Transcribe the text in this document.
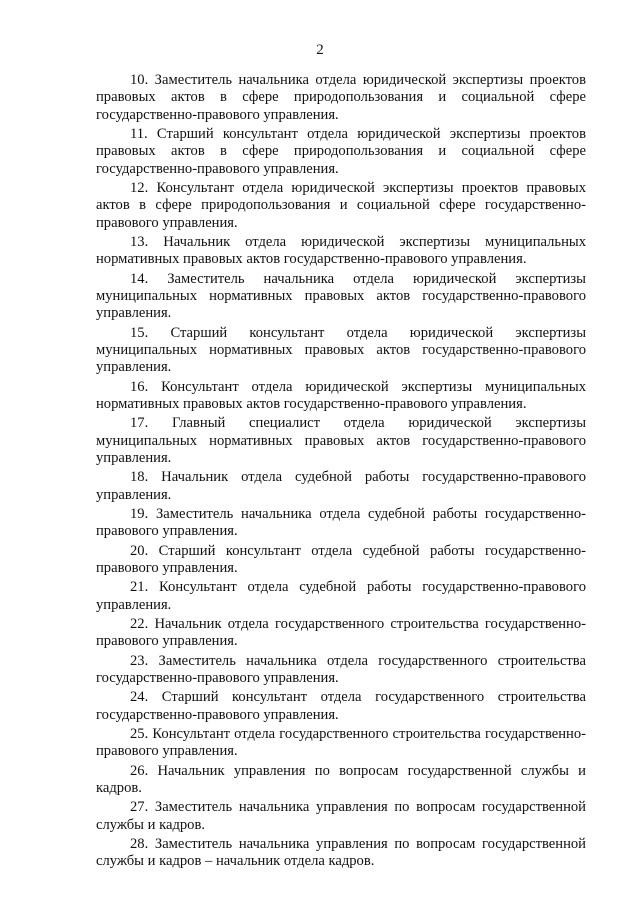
2

10. Заместитель начальника отдела юридической экспертизы проектов правовых актов в сфере природопользования и социальной сфере государственно-правового управления.

11. Старший консультант отдела юридической экспертизы проектов правовых актов в сфере природопользования и социальной сфере государственно-правового управления.

12. Консультант отдела юридической экспертизы проектов правовых актов в сфере природопользования и социальной сфере государственно-правового управления.

13. Начальник отдела юридической экспертизы муниципальных нормативных правовых актов государственно-правового управления.

14. Заместитель начальника отдела юридической экспертизы муниципальных нормативных правовых актов государственно-правового управления.

15. Старший консультант отдела юридической экспертизы муниципальных нормативных правовых актов государственно-правового управления.

16. Консультант отдела юридической экспертизы муниципальных нормативных правовых актов государственно-правового управления.

17. Главный специалист отдела юридической экспертизы муниципальных нормативных правовых актов государственно-правового управления.

18. Начальник отдела судебной работы государственно-правового управления.

19. Заместитель начальника отдела судебной работы государственно-правового управления.

20. Старший консультант отдела судебной работы государственно-правового управления.

21. Консультант отдела судебной работы государственно-правового управления.

22. Начальник отдела государственного строительства государственно-правового управления.

23. Заместитель начальника отдела государственного строительства государственно-правового управления.

24. Старший консультант отдела государственного строительства государственно-правового управления.

25. Консультант отдела государственного строительства государственно-правового управления.

26. Начальник управления по вопросам государственной службы и кадров.

27. Заместитель начальника управления по вопросам государственной службы и кадров.

28. Заместитель начальника управления по вопросам государственной службы и кадров – начальник отдела кадров.
